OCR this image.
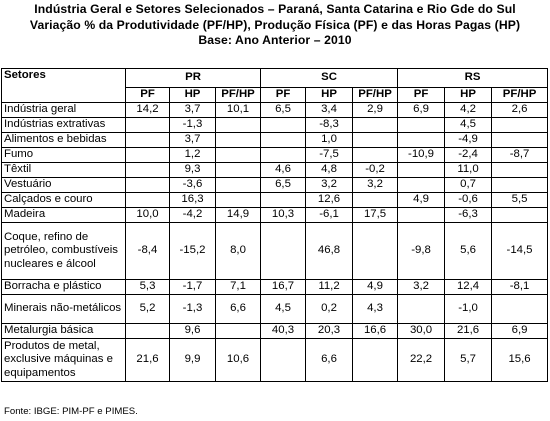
Indústria Geral e Setores Selecionados – Paraná, Santa Catarina e Rio Gde do Sul
Variação % da Produtividade (PF/HP), Produção Física (PF) e das Horas Pagas (HP)
Base: Ano Anterior – 2010
Setores	PR			SC			RS		
	PF	HP	PF/HP	PF	HP	PF/HP	PF	HP	PF/HP
Indústria geral	14,2	3,7	10,1	6,5	3,4	2,9	6,9	4,2	2,6
Indústrias extrativas		-1,3			-8,3			4,5	
Alimentos e bebidas		3,7			1,0			-4,9	
Fumo		1,2			-7,5		-10,9	-2,4	-8,7
Têxtil		9,3		4,6	4,8	-0,2		11,0	
Vestuário		-3,6		6,5	3,2	3,2		0,7	
Calçados e couro		16,3			12,6		4,9	-0,6	5,5
Madeira	10,0	-4,2	14,9	10,3	-6,1	17,5		-6,3	
Coque, refino de petróleo, combustíveis nucleares e álcool	-8,4	-15,2	8,0		46,8		-9,8	5,6	-14,5
Borracha e plástico	5,3	-1,7	7,1	16,7	11,2	4,9	3,2	12,4	-8,1
Minerais não-metálicos	5,2	-1,3	6,6	4,5	0,2	4,3		-1,0	
Metalurgia básica		9,6		40,3	20,3	16,6	30,0	21,6	6,9
Produtos de metal, exclusive máquinas e equipamentos	21,6	9,9	10,6		6,6		22,2	5,7	15,6
Fonte: IBGE: PIM-PF e PIMES.
